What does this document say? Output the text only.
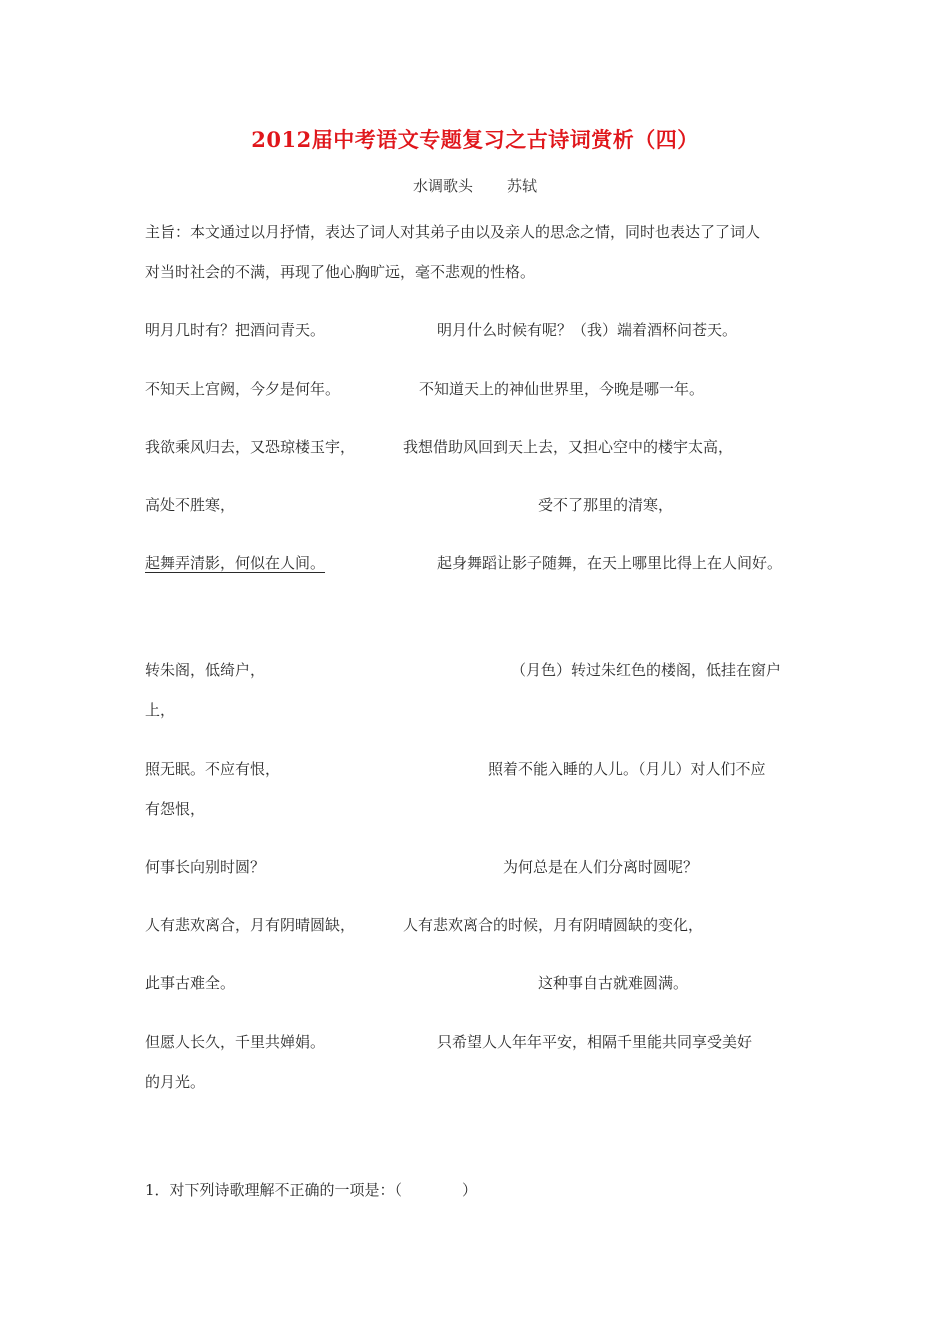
2012届中考语文专题复习之古诗词赏析（四）
水调歌头 苏轼
主旨：本文通过以月抒情，表达了词人对其弟子由以及亲人的思念之情，同时也表达了了词人
对当时社会的不满，再现了他心胸旷远，毫不悲观的性格。
明月几时有？把酒问青天。	明月什么时候有呢？（我）端着酒杯问苍天。
不知天上宫阙，今夕是何年。	不知道天上的神仙世界里，今晚是哪一年。
我欲乘风归去，又恐琼楼玉宇，	我想借助风回到天上去，又担心空中的楼宇太高，
高处不胜寒，	受不了那里的清寒，
起舞弄清影，何似在人间。	起身舞蹈让影子随舞，在天上哪里比得上在人间好。
转朱阁，低绮户，	（月色）转过朱红色的楼阁，低挂在窗户
上，
照无眠。不应有恨，	照着不能入睡的人儿。（月儿）对人们不应
有怨恨，
何事长向别时圆？	为何总是在人们分离时圆呢？
人有悲欢离合，月有阴晴圆缺，	人有悲欢离合的时候，月有阴晴圆缺的变化，
此事古难全。	这种事自古就难圆满。
但愿人长久，千里共婵娟。	只希望人人年年平安，相隔千里能共同享受美好
的月光。
1．对下列诗歌理解不正确的一项是：（　　　　）
